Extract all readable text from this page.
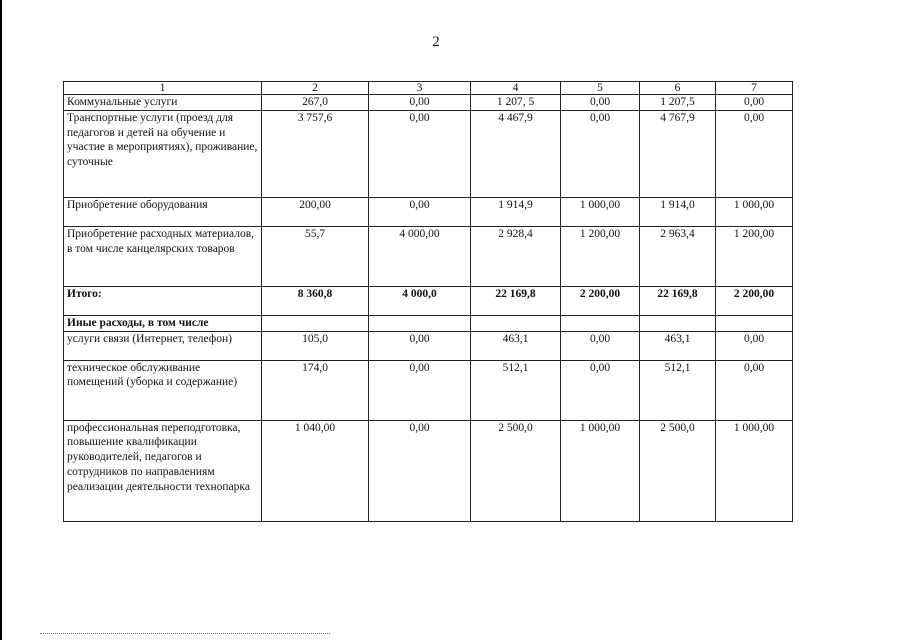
2
1	2	3	4	5	6	7
Коммунальные услуги	267,0	0,00	1 207, 5	0,00	1 207,5	0,00
Транспортные услуги (проезд для педагогов и детей на обучение и участие в мероприятиях), проживание, суточные	3 757,6	0,00	4 467,9	0,00	4 767,9	0,00
Приобретение оборудования	200,00	0,00	1 914,9	1 000,00	1 914,0	1 000,00
Приобретение расходных материалов, в том числе канцелярских товаров	55,7	4 000,00	2 928,4	1 200,00	2 963,4	1 200,00
Итого:	8 360,8	4 000,0	22 169,8	2 200,00	22 169,8	2 200,00
Иные расходы, в том числе						
услуги связи (Интернет, телефон)	105,0	0,00	463,1	0,00	463,1	0,00
техническое обслуживание помещений (уборка и содержание)	174,0	0,00	512,1	0,00	512,1	0,00
профессиональная переподготовка, повышение квалификации руководителей, педагогов и сотрудников по направлениям реализации деятельности технопарка	1 040,00	0,00	2 500,0	1 000,00	2 500,0	1 000,00
